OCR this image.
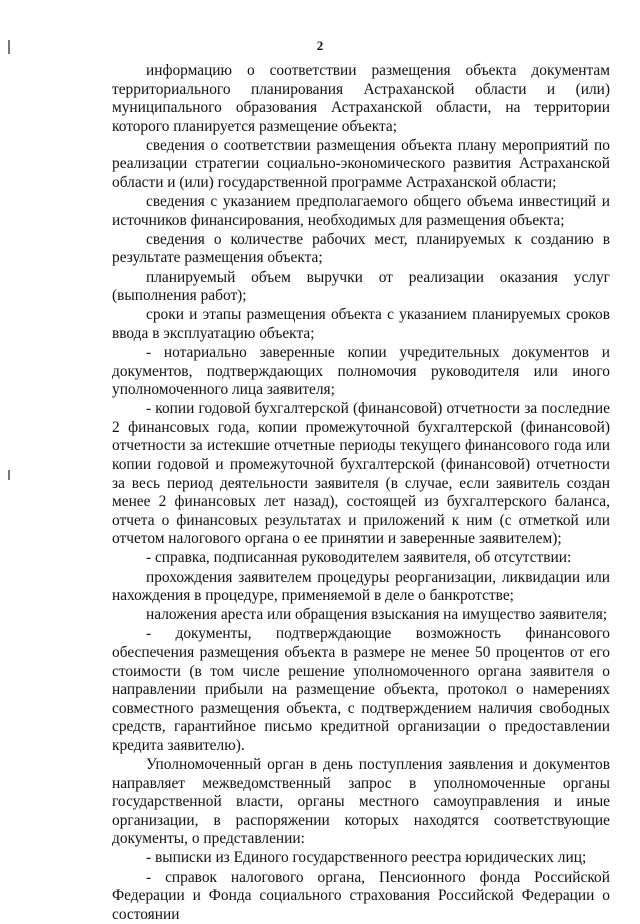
2

информацию о соответствии размещения объекта документам территориального планирования Астраханской области и (или) муниципального образования Астраханской области, на территории которого планируется размещение объекта;

сведения о соответствии размещения объекта плану мероприятий по реализации стратегии социально-экономического развития Астраханской области и (или) государственной программе Астраханской области;

сведения с указанием предполагаемого общего объема инвестиций и источников финансирования, необходимых для размещения объекта;

сведения о количестве рабочих мест, планируемых к созданию в результате размещения объекта;

планируемый объем выручки от реализации оказания услуг (выполнения работ);

сроки и этапы размещения объекта с указанием планируемых сроков ввода в эксплуатацию объекта;

- нотариально заверенные копии учредительных документов и документов, подтверждающих полномочия руководителя или иного уполномоченного лица заявителя;

- копии годовой бухгалтерской (финансовой) отчетности за последние 2 финансовых года, копии промежуточной бухгалтерской (финансовой) отчетности за истекшие отчетные периоды текущего финансового года или копии годовой и промежуточной бухгалтерской (финансовой) отчетности за весь период деятельности заявителя (в случае, если заявитель создан менее 2 финансовых лет назад), состоящей из бухгалтерского баланса, отчета о финансовых результатах и приложений к ним (с отметкой или отчетом налогового органа о ее принятии и заверенные заявителем);

- справка, подписанная руководителем заявителя, об отсутствии:

прохождения заявителем процедуры реорганизации, ликвидации или нахождения в процедуре, применяемой в деле о банкротстве;

наложения ареста или обращения взыскания на имущество заявителя;

- документы, подтверждающие возможность финансового обеспечения размещения объекта в размере не менее 50 процентов от его стоимости (в том числе решение уполномоченного органа заявителя о направлении прибыли на размещение объекта, протокол о намерениях совместного размещения объекта, с подтверждением наличия свободных средств, гарантийное письмо кредитной организации о предоставлении кредита заявителю).

Уполномоченный орган в день поступления заявления и документов направляет межведомственный запрос в уполномоченные органы государственной власти, органы местного самоуправления и иные организации, в распоряжении которых находятся соответствующие документы, о представлении:

- выписки из Единого государственного реестра юридических лиц;

- справок налогового органа, Пенсионного фонда Российской Федерации и Фонда социального страхования Российской Федерации о состоянии
